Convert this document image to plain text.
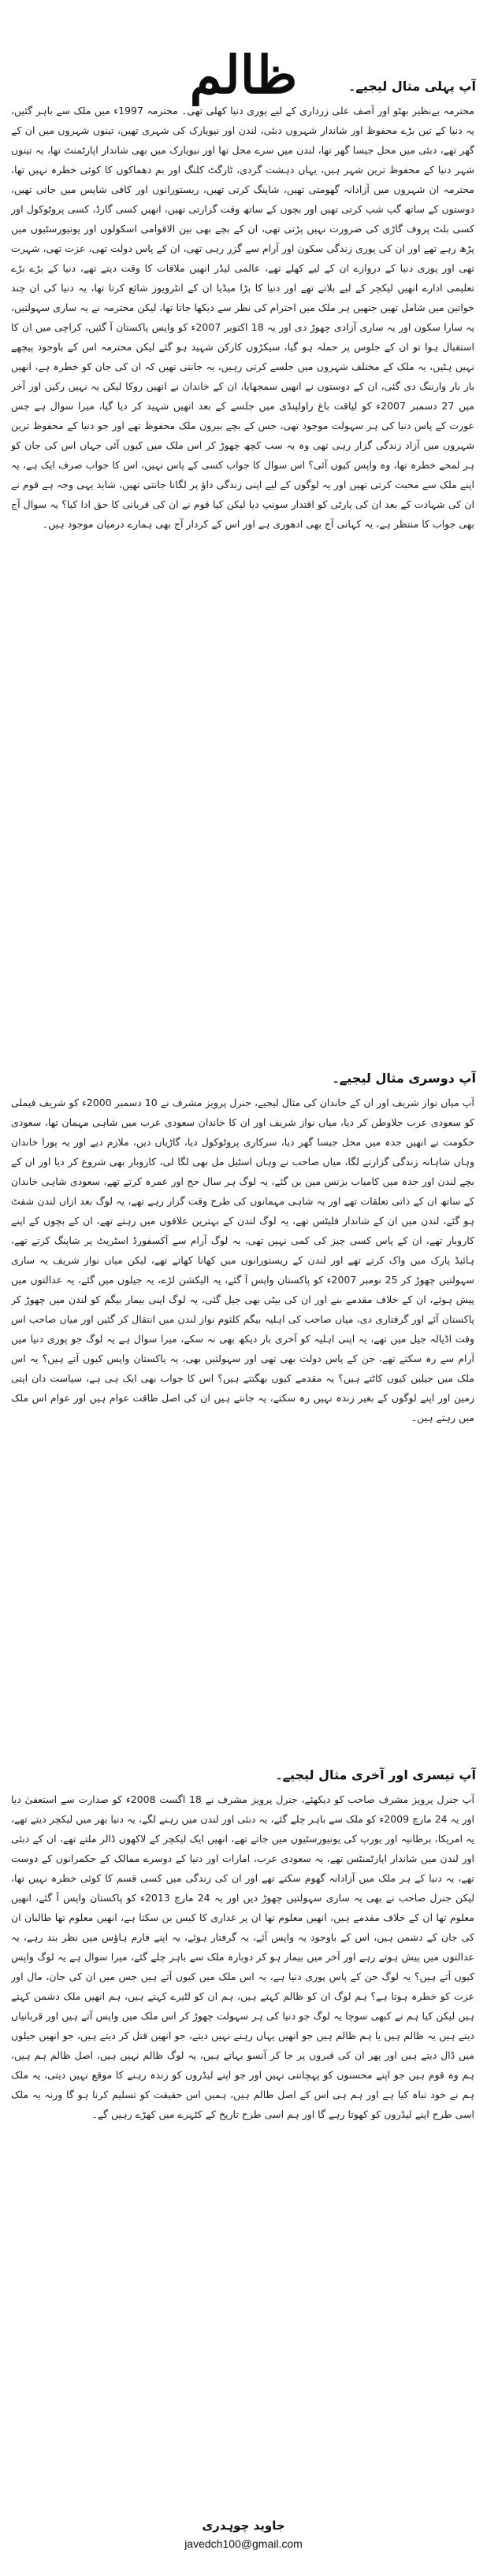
ظالم	آپ پہلی مثال لیجیے۔

محترمہ بےنظیر بھٹو اور آصف علی زرداری کے لیے پوری دنیا کھلی تھی۔ محترمہ 1997ء میں ملک سے باہر گئیں، یہ دنیا کے تین بڑے محفوظ اور شاندار شہروں دبئی، لندن اور نیویارک کی شہری تھیں، تینوں شہروں میں ان کے گھر تھے، دبئی میں محل جیسا گھر تھا، لندن میں سرے محل تھا اور نیویارک میں بھی شاندار اپارٹمنٹ تھا، یہ تینوں شہر دنیا کے محفوظ ترین شہر ہیں، یہاں دہشت گردی، ٹارگٹ کلنگ اور بم دھماکوں کا کوئی خطرہ نہیں تھا، محترمہ ان شہروں میں آزادانہ گھومتی تھیں، شاپنگ کرتی تھیں، ریستورانوں اور کافی شاپس میں جاتی تھیں، دوستوں کے ساتھ گپ شپ کرتی تھیں اور بچوں کے ساتھ وقت گزارتی تھیں، انھیں کسی گارڈ، کسی پروٹوکول اور کسی بلٹ پروف گاڑی کی ضرورت نہیں پڑتی تھی، ان کے بچے بھی بین الاقوامی اسکولوں اور یونیورسٹیوں میں پڑھ رہے تھے اور ان کی پوری زندگی سکون اور آرام سے گزر رہی تھی، ان کے پاس دولت تھی، عزت تھی، شہرت تھی اور پوری دنیا کے دروازے ان کے لیے کھلے تھے، عالمی لیڈر انھیں ملاقات کا وقت دیتے تھے، دنیا کے بڑے بڑے تعلیمی ادارے انھیں لیکچر کے لیے بلاتے تھے اور دنیا کا بڑا میڈیا ان کے انٹرویوز شائع کرتا تھا، یہ دنیا کی ان چند خواتین میں شامل تھیں جنھیں ہر ملک میں احترام کی نظر سے دیکھا جاتا تھا، لیکن محترمہ نے یہ ساری سہولتیں، یہ سارا سکون اور یہ ساری آزادی چھوڑ دی اور یہ 18 اکتوبر 2007ء کو واپس پاکستان آ گئیں، کراچی میں ان کا استقبال ہوا تو ان کے جلوس پر حملہ ہو گیا، سیکڑوں کارکن شہید ہو گئے لیکن محترمہ اس کے باوجود پیچھے نہیں ہٹیں، یہ ملک کے مختلف شہروں میں جلسے کرتی رہیں، یہ جانتی تھیں کہ ان کی جان کو خطرہ ہے، انھیں بار بار وارننگ دی گئی، ان کے دوستوں نے انھیں سمجھایا، ان کے خاندان نے انھیں روکا لیکن یہ نہیں رکیں اور آخر میں 27 دسمبر 2007ء کو لیاقت باغ راولپنڈی میں جلسے کے بعد انھیں شہید کر دیا گیا، میرا سوال ہے جس عورت کے پاس دنیا کی ہر سہولت موجود تھی، جس کے بچے بیرون ملک محفوظ تھے اور جو دنیا کے محفوظ ترین شہروں میں آزاد زندگی گزار رہی تھی وہ یہ سب کچھ چھوڑ کر اس ملک میں کیوں آئی جہاں اس کی جان کو ہر لمحے خطرہ تھا، وہ واپس کیوں آئی؟ اس سوال کا جواب کسی کے پاس نہیں، اس کا جواب صرف ایک ہے، یہ اپنے ملک سے محبت کرتی تھیں اور یہ لوگوں کے لیے اپنی زندگی داؤ پر لگانا جانتی تھیں، شاید یہی وجہ ہے قوم نے ان کی شہادت کے بعد ان کی پارٹی کو اقتدار سونپ دیا لیکن کیا قوم نے ان کی قربانی کا حق ادا کیا؟ یہ سوال آج بھی جواب کا منتظر ہے، یہ کہانی آج بھی ادھوری ہے اور اس کے کردار آج بھی ہمارے درمیان موجود ہیں۔

آپ دوسری مثال لیجیے۔

آپ میاں نواز شریف اور ان کے خاندان کی مثال لیجیے، جنرل پرویز مشرف نے 10 دسمبر 2000ء کو شریف فیملی کو سعودی عرب جلاوطن کر دیا، میاں نواز شریف اور ان کا خاندان سعودی عرب میں شاہی مہمان تھا، سعودی حکومت نے انھیں جدہ میں محل جیسا گھر دیا، سرکاری پروٹوکول دیا، گاڑیاں دیں، ملازم دیے اور یہ پورا خاندان وہاں شاہانہ زندگی گزارنے لگا، میاں صاحب نے وہاں اسٹیل مل بھی لگا لی، کاروبار بھی شروع کر دیا اور ان کے بچے لندن اور جدہ میں کامیاب بزنس مین بن گئے، یہ لوگ ہر سال حج اور عمرہ کرتے تھے، سعودی شاہی خاندان کے ساتھ ان کے ذاتی تعلقات تھے اور یہ شاہی مہمانوں کی طرح وقت گزار رہے تھے، یہ لوگ بعد ازاں لندن شفٹ ہو گئے، لندن میں ان کے شاندار فلیٹس تھے، یہ لوگ لندن کے بہترین علاقوں میں رہتے تھے، ان کے بچوں کے اپنے کاروبار تھے، ان کے پاس کسی چیز کی کمی نہیں تھی، یہ لوگ آرام سے آکسفورڈ اسٹریٹ پر شاپنگ کرتے تھے، ہائیڈ پارک میں واک کرتے تھے اور لندن کے ریستورانوں میں کھانا کھاتے تھے، لیکن میاں نواز شریف یہ ساری سہولتیں چھوڑ کر 25 نومبر 2007ء کو پاکستان واپس آ گئے، یہ الیکشن لڑے، یہ جیلوں میں گئے، یہ عدالتوں میں پیش ہوئے، ان کے خلاف مقدمے بنے اور ان کی بیٹی بھی جیل گئی، یہ لوگ اپنی بیمار بیگم کو لندن میں چھوڑ کر پاکستان آئے اور گرفتاری دی، میاں صاحب کی اہلیہ بیگم کلثوم نواز لندن میں انتقال کر گئیں اور میاں صاحب اس وقت اڈیالہ جیل میں تھے، یہ اپنی اہلیہ کو آخری بار دیکھ بھی نہ سکے، میرا سوال ہے یہ لوگ جو پوری دنیا میں آرام سے رہ سکتے تھے، جن کے پاس دولت بھی تھی اور سہولتیں بھی، یہ پاکستان واپس کیوں آتے ہیں؟ یہ اس ملک میں جیلیں کیوں کاٹتے ہیں؟ یہ مقدمے کیوں بھگتتے ہیں؟ اس کا جواب بھی ایک ہی ہے، سیاست دان اپنی زمین اور اپنے لوگوں کے بغیر زندہ نہیں رہ سکتے، یہ جانتے ہیں ان کی اصل طاقت عوام ہیں اور عوام اس ملک میں رہتے ہیں۔

آپ تیسری اور آخری مثال لیجیے۔

آپ جنرل پرویز مشرف صاحب کو دیکھئے، جنرل پرویز مشرف نے 18 اگست 2008ء کو صدارت سے استعفیٰ دیا اور یہ 24 مارچ 2009ء کو ملک سے باہر چلے گئے، یہ دبئی اور لندن میں رہنے لگے، یہ دنیا بھر میں لیکچر دیتے تھے، یہ امریکا، برطانیہ اور یورپ کی یونیورسٹیوں میں جاتے تھے، انھیں ایک لیکچر کے لاکھوں ڈالر ملتے تھے، ان کے دبئی اور لندن میں شاندار اپارٹمنٹس تھے، یہ سعودی عرب، امارات اور دنیا کے دوسرے ممالک کے حکمرانوں کے دوست تھے، یہ دنیا کے ہر ملک میں آزادانہ گھوم سکتے تھے اور ان کی زندگی میں کسی قسم کا کوئی خطرہ نہیں تھا، لیکن جنرل صاحب نے بھی یہ ساری سہولتیں چھوڑ دیں اور یہ 24 مارچ 2013ء کو پاکستان واپس آ گئے، انھیں معلوم تھا ان کے خلاف مقدمے ہیں، انھیں معلوم تھا ان پر غداری کا کیس بن سکتا ہے، انھیں معلوم تھا طالبان ان کی جان کے دشمن ہیں، اس کے باوجود یہ واپس آئے، یہ گرفتار ہوئے، یہ اپنے فارم ہاؤس میں نظر بند رہے، یہ عدالتوں میں پیش ہوتے رہے اور آخر میں بیمار ہو کر دوبارہ ملک سے باہر چلے گئے، میرا سوال ہے یہ لوگ واپس کیوں آتے ہیں؟ یہ لوگ جن کے پاس پوری دنیا ہے، یہ اس ملک میں کیوں آتے ہیں جس میں ان کی جان، مال اور عزت کو خطرہ ہوتا ہے؟ ہم لوگ ان کو ظالم کہتے ہیں، ہم ان کو لٹیرے کہتے ہیں، ہم انھیں ملک دشمن کہتے ہیں لیکن کیا ہم نے کبھی سوچا یہ لوگ جو دنیا کی ہر سہولت چھوڑ کر اس ملک میں واپس آتے ہیں اور قربانیاں دیتے ہیں یہ ظالم ہیں یا ہم ظالم ہیں جو انھیں یہاں رہنے نہیں دیتے، جو انھیں قتل کر دیتے ہیں، جو انھیں جیلوں میں ڈال دیتے ہیں اور پھر ان کی قبروں پر جا کر آنسو بہاتے ہیں، یہ لوگ ظالم نہیں ہیں، اصل ظالم ہم ہیں، ہم وہ قوم ہیں جو اپنے محسنوں کو پہچانتی نہیں اور جو اپنے لیڈروں کو زندہ رہنے کا موقع نہیں دیتی، یہ ملک ہم نے خود تباہ کیا ہے اور ہم ہی اس کے اصل ظالم ہیں، ہمیں اس حقیقت کو تسلیم کرنا ہو گا ورنہ یہ ملک اسی طرح اپنے لیڈروں کو کھوتا رہے گا اور ہم اسی طرح تاریخ کے کٹہرے میں کھڑے رہیں گے۔

جاوید چوہدری
javedch100@gmail.com
